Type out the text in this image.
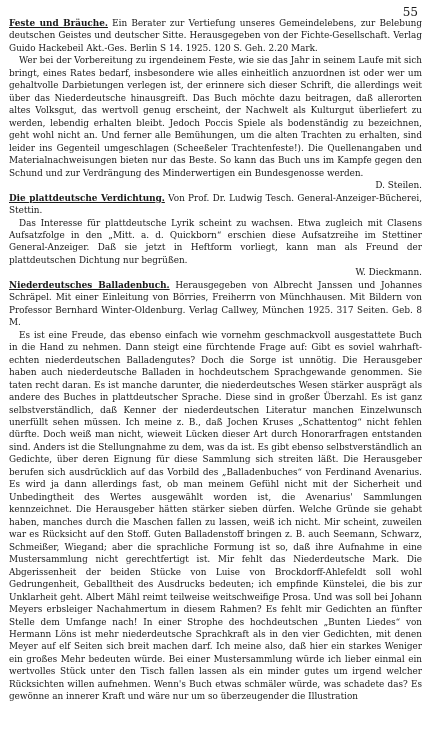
55

Feste und Bräuche. Ein Berater zur Vertiefung unseres Gemeindelebens, zur Belebung deutschen Geistes und deutscher Sitte. Herausgegeben von der Fichte-Gesellschaft. Verlag Guido Hackebeil Akt.-Ges. Berlin S 14. 1925. 120 S. Geh. 2.20 Mark.

Wer bei der Vorbereitung zu irgendeinem Feste, wie sie das Jahr in seinem Laufe mit sich bringt, eines Rates bedarf, insbesondere wie alles einheitlich anzuordnen ist oder wer um gehaltvolle Darbietungen verlegen ist, der erinnere sich dieser Schrift, die allerdings weit über das Niederdeutsche hinausgreift. Das Buch möchte dazu beitragen, daß allerorten altes Volksgut, das wertvoll genug erscheint, der Nachwelt als Kulturgut überliefert zu werden, lebendig erhalten bleibt. Jedoch Poccis Spiele als bodenständig zu bezeichnen, geht wohl nicht an. Und ferner alle Bemühungen, um die alten Trachten zu erhalten, sind leider ins Gegenteil umgeschlagen (Scheeßeler Trachtenfeste!). Die Quellenangaben und Materialnachweisungen bieten nur das Beste. So kann das Buch uns im Kampfe gegen den Schund und zur Verdrängung des Minderwertigen ein Bundesgenosse werden.

D. Steilen.

Die plattdeutsche Verdichtung. Von Prof. Dr. Ludwig Tesch. General-Anzeiger-Bücherei, Stettin.

Das Interesse für plattdeutsche Lyrik scheint zu wachsen. Etwa zugleich mit Clasens Aufsatzfolge in den „Mitt. a. d. Quickborn“ erschien diese Aufsatzreihe im Stettiner General-Anzeiger. Daß sie jetzt in Heftform vorliegt, kann man als Freund der plattdeutschen Dichtung nur begrüßen.

W. Dieckmann.

Niederdeutsches Balladenbuch. Herausgegeben von Albrecht Janssen und Johannes Schräpel. Mit einer Einleitung von Börries, Freiherrn von Münchhausen. Mit Bildern von Professor Bernhard Winter-Oldenburg. Verlag Callwey, München 1925. 317 Seiten. Geb. 8 M.

Es ist eine Freude, das ebenso einfach wie vornehm geschmackvoll ausgestattete Buch in die Hand zu nehmen. Dann steigt eine fürchtende Frage auf: Gibt es soviel wahrhaft-echten niederdeutschen Balladengutes? Doch die Sorge ist unnötig. Die Herausgeber haben auch niederdeutsche Balladen in hochdeutschem Sprachgewande genommen. Sie taten recht daran. Es ist manche darunter, die niederdeutsches Wesen stärker ausprägt als andere des Buches in plattdeutscher Sprache. Diese sind in großer Überzahl. Es ist ganz selbstverständlich, daß Kenner der niederdeutschen Literatur manchen Einzelwunsch unerfüllt sehen müssen. Ich meine z. B., daß Jochen Kruses „Schattentog“ nicht fehlen dürfte. Doch weiß man nicht, wieweit Lücken dieser Art durch Honorarfragen entstanden sind. Anders ist die Stellungnahme zu dem, was da ist. Es gibt ebenso selbstverständlich an Gedichte, über deren Eignung für diese Sammlung sich streiten läßt. Die Herausgeber berufen sich ausdrücklich auf das Vorbild des „Balladenbuches“ von Ferdinand Avenarius. Es wird ja dann allerdings fast, ob man meinem Gefühl nicht mit der Sicherheit und Unbedingtheit des Wertes ausgewählt worden ist, die Avenarius' Sammlungen kennzeichnet. Die Herausgeber hätten stärker sieben dürfen. Welche Gründe sie gehabt haben, manches durch die Maschen fallen zu lassen, weiß ich nicht. Mir scheint, zuweilen war es Rücksicht auf den Stoff. Guten Balladenstoff bringen z. B. auch Seemann, Schwarz, Schmeißer, Wiegand; aber die sprachliche Formung ist so, daß ihre Aufnahme in eine Mustersammlung nicht gerechtfertigt ist. Mir fehlt das Niederdeutsche Mark. Die Abgerissenheit der beiden Stücke von Luise von Brockdorff-Ahlefeldt soll wohl Gedrungenheit, Geballtheit des Ausdrucks bedeuten; ich empfinde Künstelei, die bis zur Unklarheit geht. Albert Mähl reimt teilweise weitschweifige Prosa. Und was soll bei Johann Meyers erbsleiger Nachahmertum in diesem Rahmen? Es fehlt mir Gedichten an fünfter Stelle dem Umfange nach! In einer Strophe des hochdeutschen „Bunten Liedes“ von Hermann Löns ist mehr niederdeutsche Sprachkraft als in den vier Gedichten, mit denen Meyer auf elf Seiten sich breit machen darf. Ich meine also, daß hier ein starkes Weniger ein großes Mehr bedeuten würde. Bei einer Mustersammlung würde ich lieber einmal ein wertvolles Stück unter den Tisch fallen lassen als ein minder gutes um irgend welcher Rücksichten willen aufnehmen. Wenn's Buch etwas schmäler würde, was schadete das? Es gewönne an innerer Kraft und wäre nur um so überzeugender die Illustration
